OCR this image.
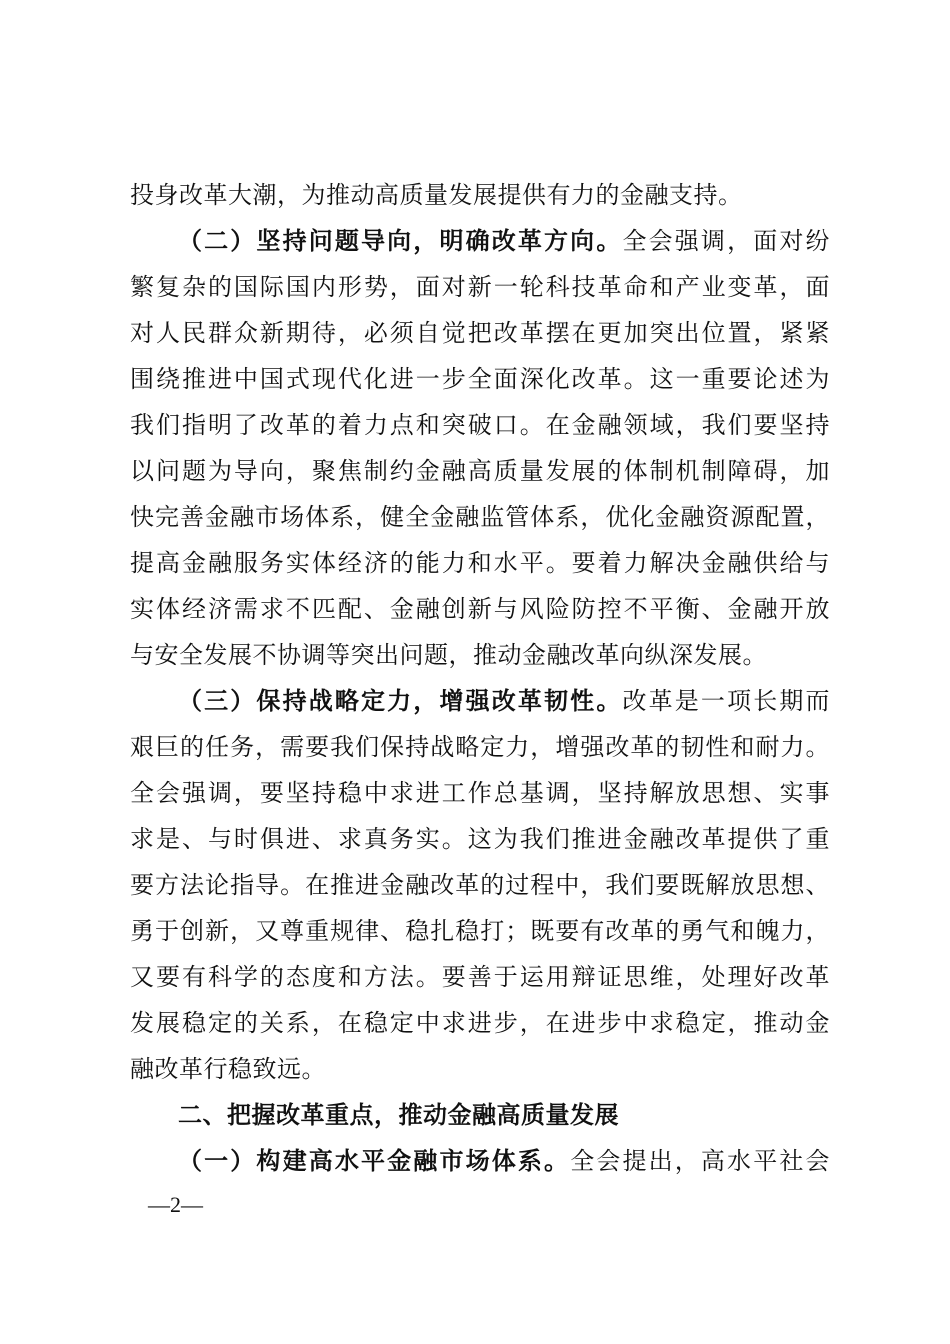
投身改革大潮，为推动高质量发展提供有力的金融支持。
（二）坚持问题导向，明确改革方向。全会强调，面对纷
繁复杂的国际国内形势，面对新一轮科技革命和产业变革，面
对人民群众新期待，必须自觉把改革摆在更加突出位置，紧紧
围绕推进中国式现代化进一步全面深化改革。这一重要论述为
我们指明了改革的着力点和突破口。在金融领域，我们要坚持
以问题为导向，聚焦制约金融高质量发展的体制机制障碍，加
快完善金融市场体系，健全金融监管体系，优化金融资源配置，
提高金融服务实体经济的能力和水平。要着力解决金融供给与
实体经济需求不匹配、金融创新与风险防控不平衡、金融开放
与安全发展不协调等突出问题，推动金融改革向纵深发展。
（三）保持战略定力，增强改革韧性。改革是一项长期而
艰巨的任务，需要我们保持战略定力，增强改革的韧性和耐力。
全会强调，要坚持稳中求进工作总基调，坚持解放思想、实事
求是、与时俱进、求真务实。这为我们推进金融改革提供了重
要方法论指导。在推进金融改革的过程中，我们要既解放思想、
勇于创新，又尊重规律、稳扎稳打；既要有改革的勇气和魄力，
又要有科学的态度和方法。要善于运用辩证思维，处理好改革
发展稳定的关系，在稳定中求进步，在进步中求稳定，推动金
融改革行稳致远。
二、把握改革重点，推动金融高质量发展
（一）构建高水平金融市场体系。全会提出，高水平社会
—2—
